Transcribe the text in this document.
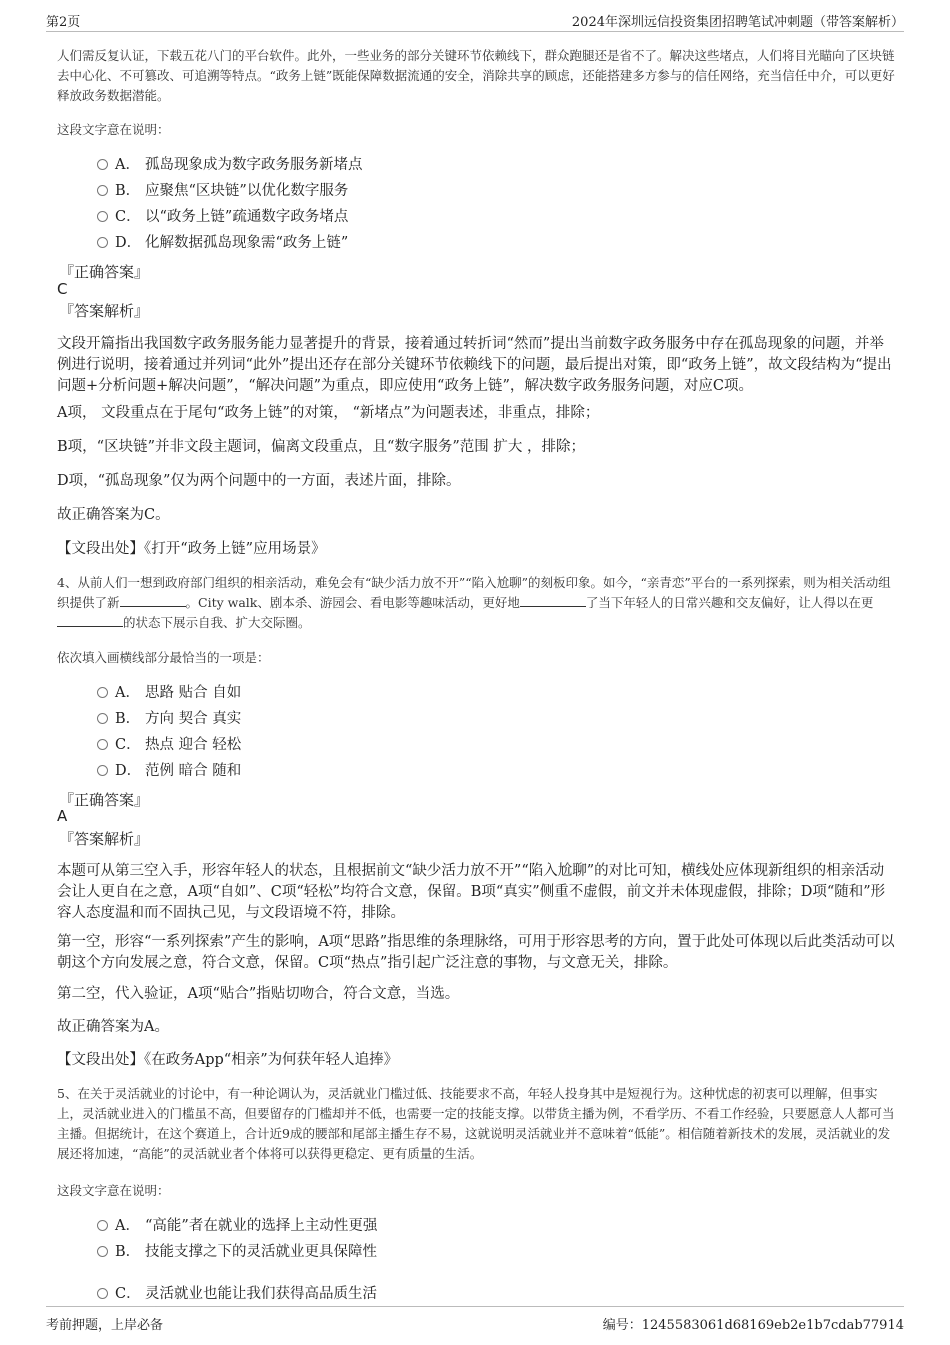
第2页	2024年深圳远信投资集团招聘笔试冲刺题（带答案解析）
人们需反复认证，下载五花八门的平台软件。此外，一些业务的部分关键环节依赖线下，群众跑腿还是省不了。解决这些堵点，人们将目光瞄向了区块链去中心化、不可篡改、可追溯等特点。“政务上链”既能保障数据流通的安全，消除共享的顾虑，还能搭建多方参与的信任网络，充当信任中介，可以更好释放政务数据潜能。
这段文字意在说明：
A． 孤岛现象成为数字政务服务新堵点
B． 应聚焦“区块链”以优化数字服务
C． 以“政务上链”疏通数字政务堵点
D． 化解数据孤岛现象需“政务上链”
『正确答案』
C
『答案解析』
文段开篇指出我国数字政务服务能力显著提升的背景，接着通过转折词“然而”提出当前数字政务服务中存在孤岛现象的问题，并举例进行说明，接着通过并列词“此外”提出还存在部分关键环节依赖线下的问题，最后提出对策，即“政务上链”，故文段结构为“提出问题+分析问题+解决问题”，“解决问题”为重点，即应使用“政务上链”，解决数字政务服务问题，对应C项。
A项， 文段重点在于尾句“政务上链”的对策， “新堵点”为问题表述，非重点，排除；
B项，“区块链”并非文段主题词，偏离文段重点，且“数字服务”范围 扩大 ，排除；
D项，“孤岛现象”仅为两个问题中的一方面，表述片面，排除。
故正确答案为C。
【文段出处】《打开“政务上链”应用场景》
4、从前人们一想到政府部门组织的相亲活动，难免会有“缺少活力放不开”“陷入尬聊”的刻板印象。如今，“亲青恋”平台的一系列探索，则为相关活动组织提供了新	。City walk、剧本杀、游园会、看电影等趣味活动，更好地	了当下年轻人的日常兴趣和交友偏好，让人得以在更的状态下展示自我、扩大交际圈。
依次填入画横线部分最恰当的一项是：
A． 思路 贴合 自如
B． 方向 契合 真实
C． 热点 迎合 轻松
D． 范例 暗合 随和
『正确答案』
A
『答案解析』
本题可从第三空入手，形容年轻人的状态，且根据前文“缺少活力放不开”“陷入尬聊”的对比可知，横线处应体现新组织的相亲活动会让人更自在之意，A项“自如”、C项“轻松”均符合文意，保留。B项“真实”侧重不虚假，前文并未体现虚假，排除；D项“随和”形容人态度温和而不固执己见，与文段语境不符，排除。
第一空，形容“一系列探索”产生的影响，A项“思路”指思维的条理脉络，可用于形容思考的方向，置于此处可体现以后此类活动可以朝这个方向发展之意，符合文意，保留。C项“热点”指引起广泛注意的事物，与文意无关，排除。
第二空，代入验证，A项“贴合”指贴切吻合，符合文意，当选。
故正确答案为A。
【文段出处】《在政务App“相亲”为何获年轻人追捧》
5、在关于灵活就业的讨论中，有一种论调认为，灵活就业门槛过低、技能要求不高，年轻人投身其中是短视行为。这种忧虑的初衷可以理解，但事实上，灵活就业进入的门槛虽不高，但要留存的门槛却并不低，也需要一定的技能支撑。以带货主播为例，不看学历、不看工作经验，只要愿意人人都可当主播。但据统计，在这个赛道上，合计近9成的腰部和尾部主播生存不易，这就说明灵活就业并不意味着“低能”。相信随着新技术的发展，灵活就业的发展还将加速，“高能”的灵活就业者个体将可以获得更稳定、更有质量的生活。
这段文字意在说明：
A． “高能”者在就业的选择上主动性更强
B． 技能支撑之下的灵活就业更具保障性
C． 灵活就业也能让我们获得高品质生活
考前押题，上岸必备	编号：1245583061d68169eb2e1b7cdab77914
